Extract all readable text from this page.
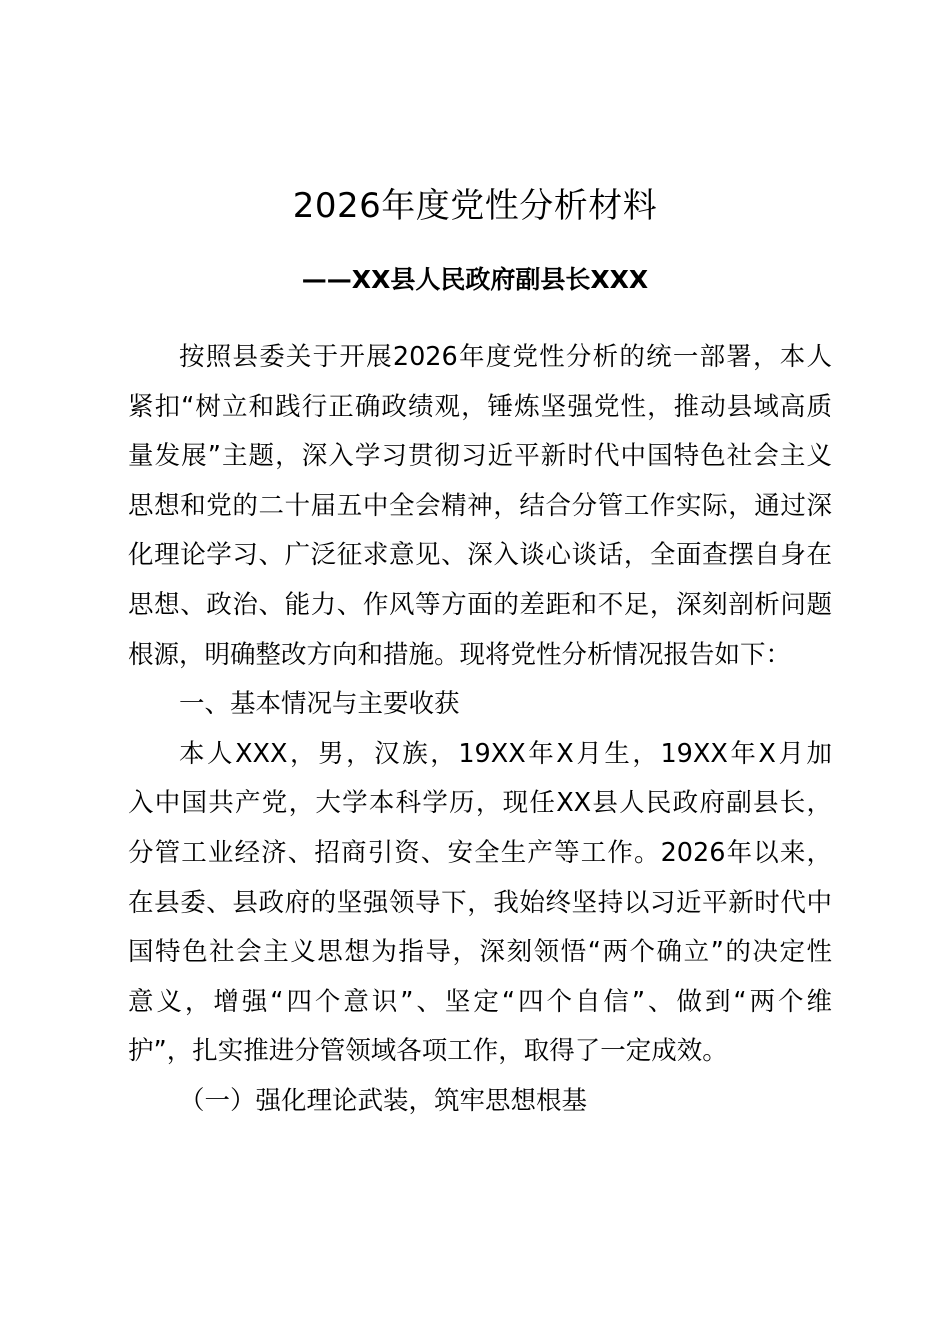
2026年度党性分析材料
——XX县人民政府副县长XXX
按照县委关于开展2026年度党性分析的统一部署，本人
紧扣“树立和践行正确政绩观，锤炼坚强党性，推动县域高质
量发展”主题，深入学习贯彻习近平新时代中国特色社会主义
思想和党的二十届五中全会精神，结合分管工作实际，通过深
化理论学习、广泛征求意见、深入谈心谈话，全面查摆自身在
思想、政治、能力、作风等方面的差距和不足，深刻剖析问题
根源，明确整改方向和措施。现将党性分析情况报告如下：
一、基本情况与主要收获
本人XXX，男，汉族，19XX年X月生，19XX年X月加
入中国共产党，大学本科学历，现任XX县人民政府副县长，
分管工业经济、招商引资、安全生产等工作。2026年以来，
在县委、县政府的坚强领导下，我始终坚持以习近平新时代中
国特色社会主义思想为指导，深刻领悟“两个确立”的决定性
意义，增强“四个意识”、坚定“四个自信”、做到“两个维
护”，扎实推进分管领域各项工作，取得了一定成效。
（一）强化理论武装，筑牢思想根基
